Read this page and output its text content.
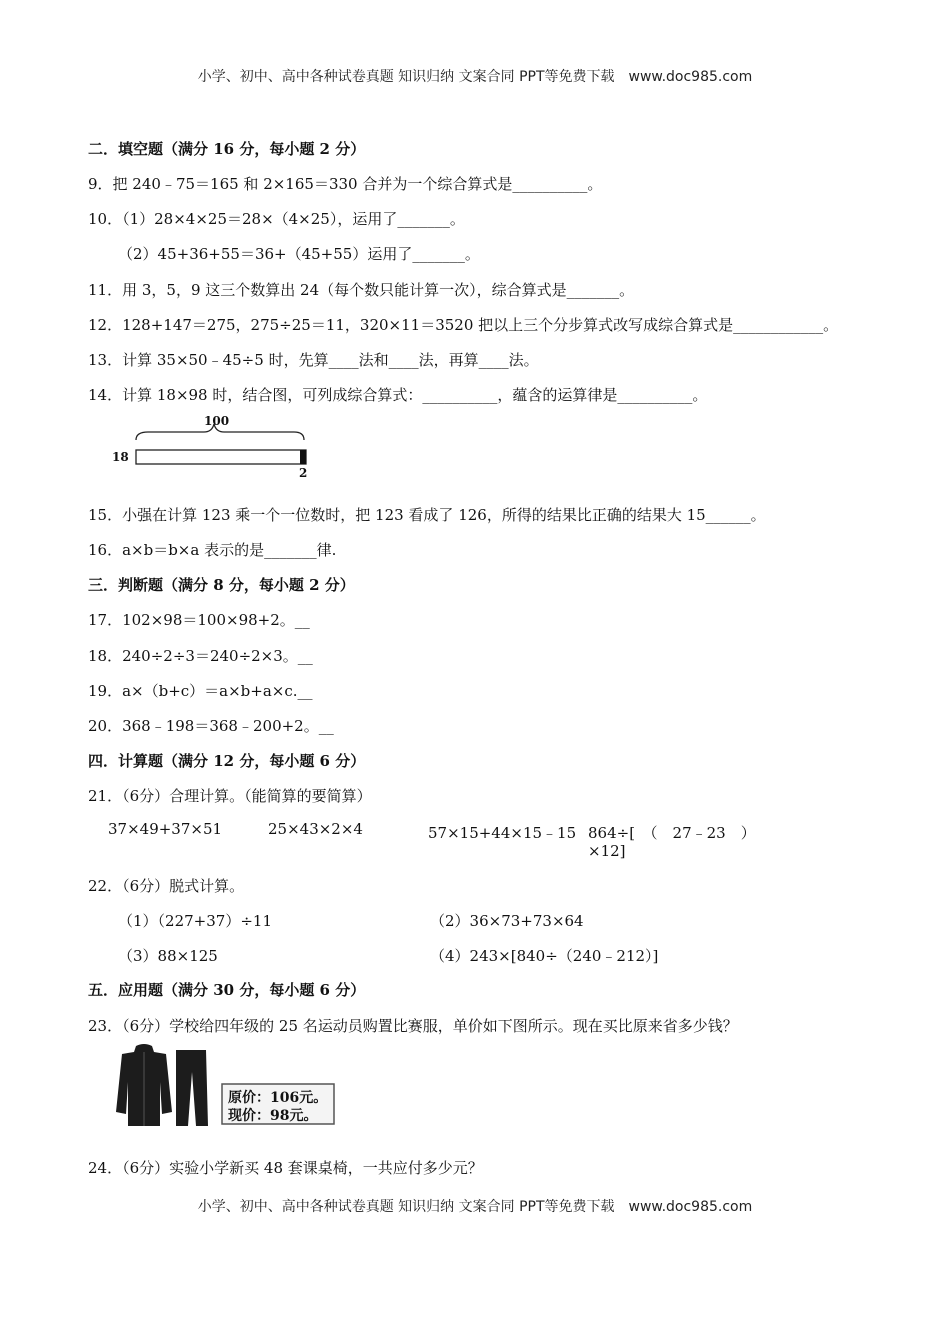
小学、初中、高中各种试卷真题 知识归纳 文案合同 PPT等免费下载　www.doc985.com
二．填空题（满分 16 分，每小题 2 分）
9．把 240﹣75＝165 和 2×165＝330 合并为一个综合算式是__________。
10．（1）28×4×25＝28×（4×25），运用了_______。
（2）45+36+55＝36+（45+55）运用了_______。
11．用 3，5，9 这三个数算出 24（每个数只能计算一次），综合算式是_______。
12．128+147＝275，275÷25＝11，320×11＝3520 把以上三个分步算式改写成综合算式是____________。
13．计算 35×50﹣45÷5 时，先算____法和____法，再算____法。
14．计算 18×98 时，结合图，可列成综合算式：__________，蕴含的运算律是__________。
100
18
2
15．小强在计算 123 乘一个一位数时，把 123 看成了 126，所得的结果比正确的结果大 15______。
16．a×b＝b×a 表示的是_______律.
三．判断题（满分 8 分，每小题 2 分）
17．102×98＝100×98+2。__
18．240÷2÷3＝240÷2×3。__
19．a×（b+c）＝a×b+a×c.__
20．368﹣198＝368﹣200+2。__
四．计算题（满分 12 分，每小题 6 分）
21．（6分）合理计算。（能简算的要简算）
37×49+37×51	25×43×2×4	57×15+44×15﹣15 864÷[　（　27﹣23　）
×12]
22．（6分）脱式计算。
（1）（227+37）÷11	（2）36×73+73×64
（3）88×125	（4）243×[840÷（240﹣212）]
五．应用题（满分 30 分，每小题 6 分）
23．（6分）学校给四年级的 25 名运动员购置比赛服，单价如下图所示。现在买比原来省多少钱？
原价：106元。
现价：98元。
24．（6分）实验小学新买 48 套课桌椅，一共应付多少元？
小学、初中、高中各种试卷真题 知识归纳 文案合同 PPT等免费下载　www.doc985.com
